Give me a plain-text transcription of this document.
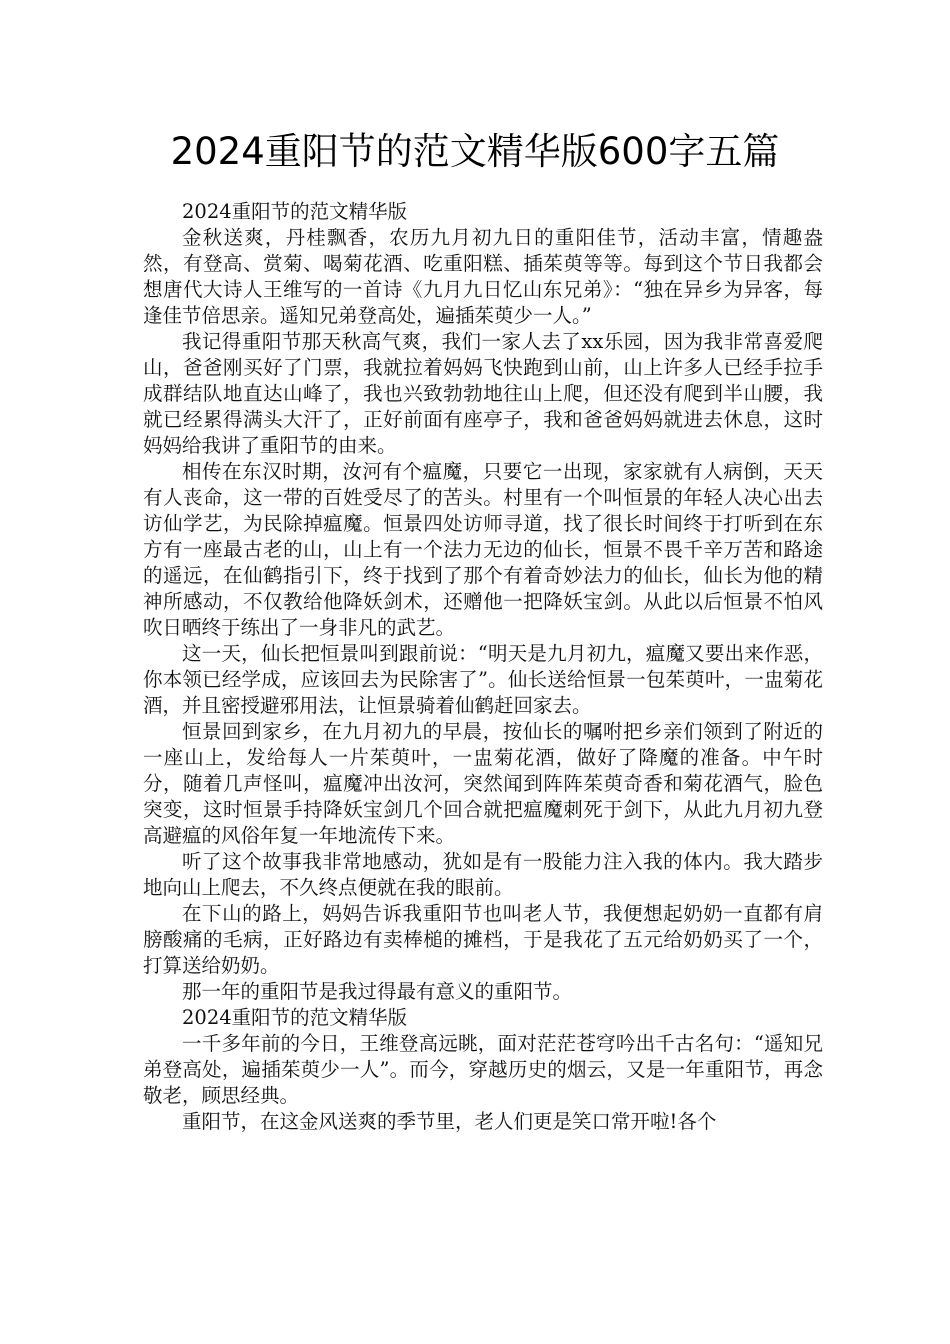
2024重阳节的范文精华版600字五篇

2024重阳节的范文精华版

金秋送爽，丹桂飘香，农历九月初九日的重阳佳节，活动丰富，情趣盎然，有登高、赏菊、喝菊花酒、吃重阳糕、插茱萸等等。每到这个节日我都会想唐代大诗人王维写的一首诗《九月九日忆山东兄弟》：“独在异乡为异客，每逢佳节倍思亲。遥知兄弟登高处，遍插茱萸少一人。”

我记得重阳节那天秋高气爽，我们一家人去了xx乐园，因为我非常喜爱爬山，爸爸刚买好了门票，我就拉着妈妈飞快跑到山前，山上许多人已经手拉手成群结队地直达山峰了，我也兴致勃勃地往山上爬，但还没有爬到半山腰，我就已经累得满头大汗了，正好前面有座亭子，我和爸爸妈妈就进去休息，这时妈妈给我讲了重阳节的由来。

相传在东汉时期，汝河有个瘟魔，只要它一出现，家家就有人病倒，天天有人丧命，这一带的百姓受尽了的苦头。村里有一个叫恒景的年轻人决心出去访仙学艺，为民除掉瘟魔。恒景四处访师寻道，找了很长时间终于打听到在东方有一座最古老的山，山上有一个法力无边的仙长，恒景不畏千辛万苦和路途的遥远，在仙鹤指引下，终于找到了那个有着奇妙法力的仙长，仙长为他的精神所感动，不仅教给他降妖剑术，还赠他一把降妖宝剑。从此以后恒景不怕风吹日晒终于练出了一身非凡的武艺。

这一天，仙长把恒景叫到跟前说：“明天是九月初九，瘟魔又要出来作恶，你本领已经学成，应该回去为民除害了”。仙长送给恒景一包茱萸叶，一盅菊花酒，并且密授避邪用法，让恒景骑着仙鹤赶回家去。

恒景回到家乡，在九月初九的早晨，按仙长的嘱咐把乡亲们领到了附近的一座山上，发给每人一片茱萸叶，一盅菊花酒，做好了降魔的准备。中午时分，随着几声怪叫，瘟魔冲出汝河，突然闻到阵阵茱萸奇香和菊花酒气，脸色突变，这时恒景手持降妖宝剑几个回合就把瘟魔刺死于剑下，从此九月初九登高避瘟的风俗年复一年地流传下来。

听了这个故事我非常地感动，犹如是有一股能力注入我的体内。我大踏步地向山上爬去，不久终点便就在我的眼前。

在下山的路上，妈妈告诉我重阳节也叫老人节，我便想起奶奶一直都有肩膀酸痛的毛病，正好路边有卖棒槌的摊档，于是我花了五元给奶奶买了一个，打算送给奶奶。

那一年的重阳节是我过得最有意义的重阳节。

2024重阳节的范文精华版

一千多年前的今日，王维登高远眺，面对茫茫苍穹吟出千古名句：“遥知兄弟登高处，遍插茱萸少一人”。而今，穿越历史的烟云，又是一年重阳节，再念敬老，顾思经典。

重阳节，在这金风送爽的季节里，老人们更是笑口常开啦!各个
